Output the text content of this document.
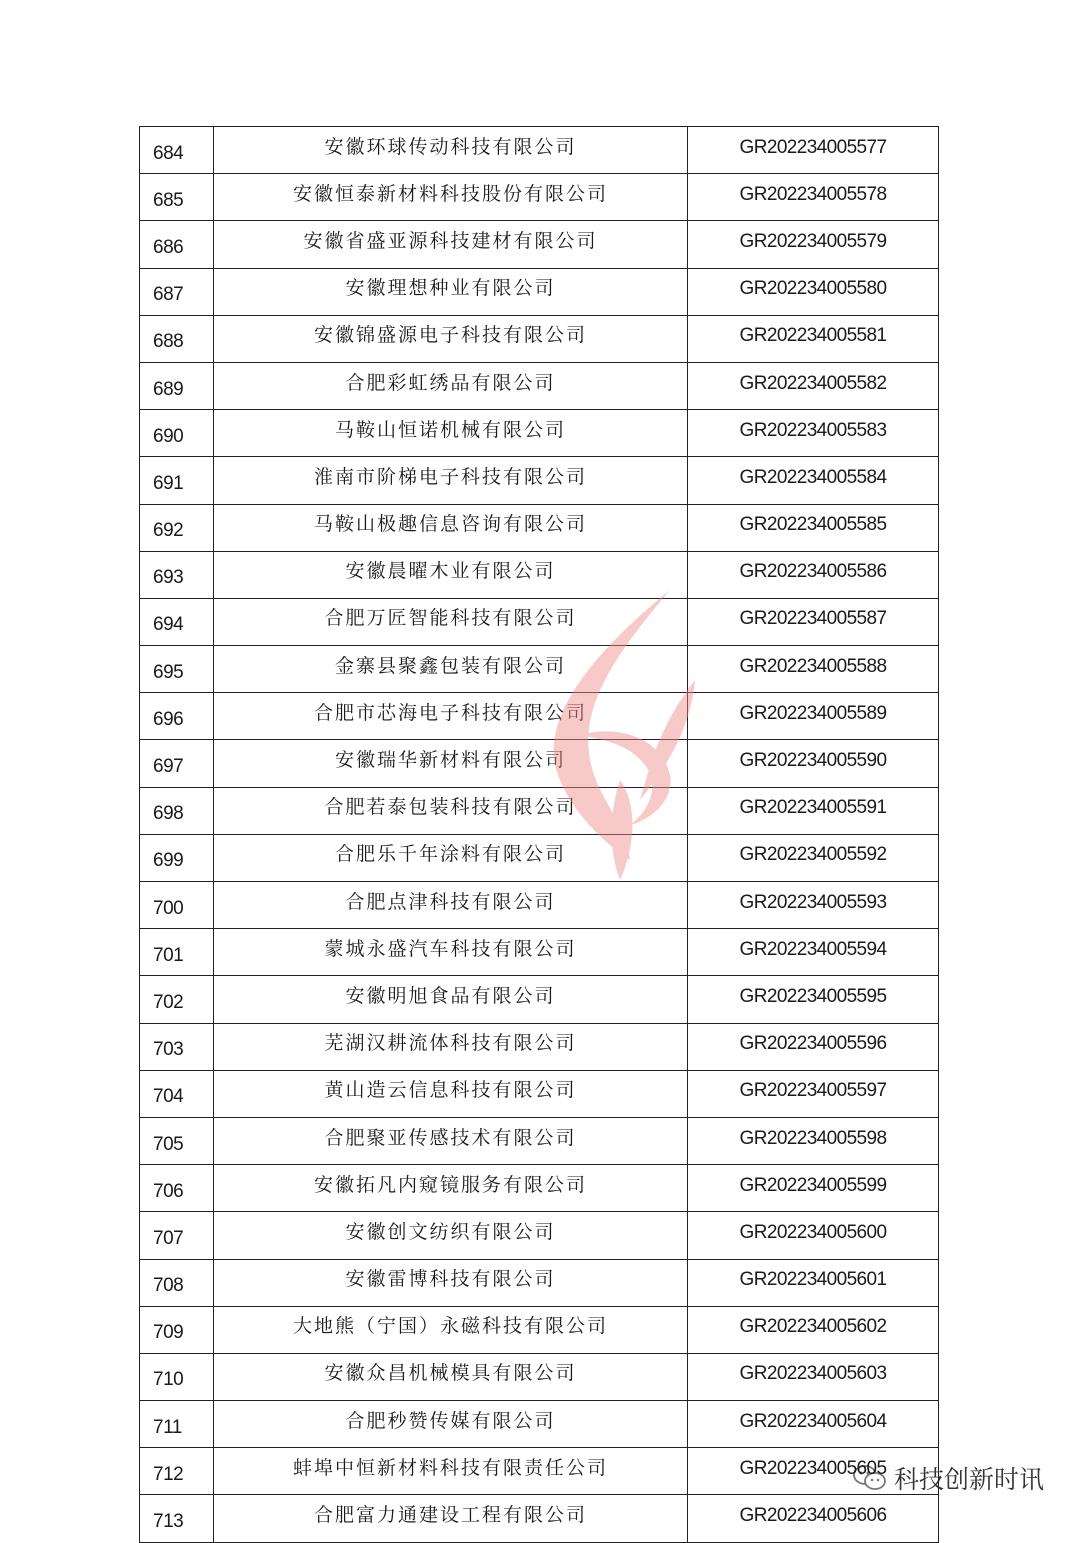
684	安徽环球传动科技有限公司	GR202234005577
685	安徽恒泰新材料科技股份有限公司	GR202234005578
686	安徽省盛亚源科技建材有限公司	GR202234005579
687	安徽理想种业有限公司	GR202234005580
688	安徽锦盛源电子科技有限公司	GR202234005581
689	合肥彩虹绣品有限公司	GR202234005582
690	马鞍山恒诺机械有限公司	GR202234005583
691	淮南市阶梯电子科技有限公司	GR202234005584
692	马鞍山极趣信息咨询有限公司	GR202234005585
693	安徽晨曜木业有限公司	GR202234005586
694	合肥万匠智能科技有限公司	GR202234005587
695	金寨县聚鑫包装有限公司	GR202234005588
696	合肥市芯海电子科技有限公司	GR202234005589
697	安徽瑞华新材料有限公司	GR202234005590
698	合肥若泰包装科技有限公司	GR202234005591
699	合肥乐千年涂料有限公司	GR202234005592
700	合肥点津科技有限公司	GR202234005593
701	蒙城永盛汽车科技有限公司	GR202234005594
702	安徽明旭食品有限公司	GR202234005595
703	芜湖汉耕流体科技有限公司	GR202234005596
704	黄山造云信息科技有限公司	GR202234005597
705	合肥聚亚传感技术有限公司	GR202234005598
706	安徽拓凡内窥镜服务有限公司	GR202234005599
707	安徽创文纺织有限公司	GR202234005600
708	安徽雷博科技有限公司	GR202234005601
709	大地熊（宁国）永磁科技有限公司	GR202234005602
710	安徽众昌机械模具有限公司	GR202234005603
711	合肥秒赞传媒有限公司	GR202234005604
712	蚌埠中恒新材料科技有限责任公司	GR202234005605
713	合肥富力通建设工程有限公司	GR202234005606
科技创新时讯
